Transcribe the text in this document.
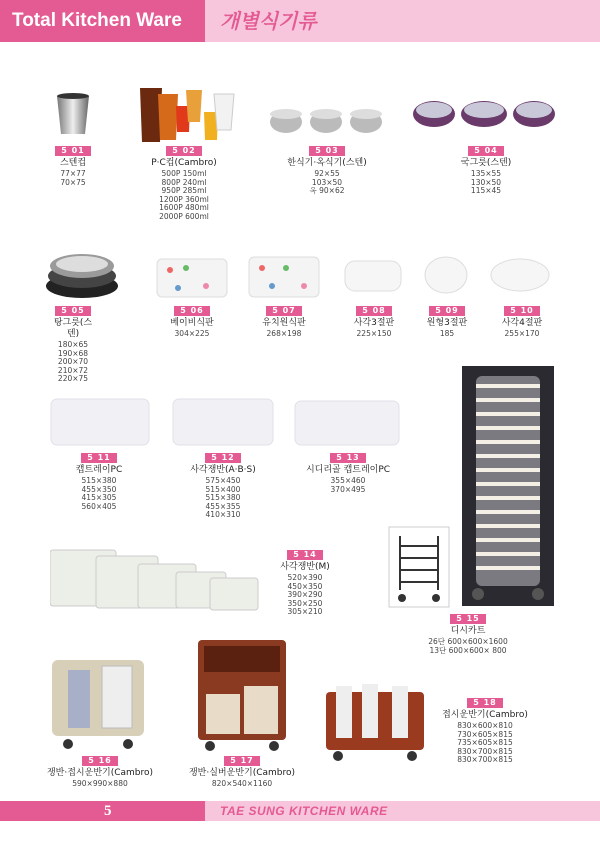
Total Kitchen Ware	개별식기류
5 01
스텐컵
77×77
70×75
5 02
P·C컵(Cambro)
500P 150ml
800P 240ml
950P 285ml
1200P 360ml
1600P 480ml
2000P 600ml
5 03
한식기·옥식기(스텐)
92×55
103×50
옥 90×62
5 04
국그릇(스텐)
135×55
130×50
115×45
5 05
탕그릇(스텐)
180×65
190×68
200×70
210×72
220×75
5 06
베이비식판
304×225
5 07
유치원식판
268×198
5 08
사각3절판
225×150
5 09
원형3절판
185
5 10
사각4절판
255×170
5 11
캡트레이PC
515×380
455×350
415×305
560×405
5 12
사각쟁반(A·B·S)
575×450
515×400
515×380
455×355
410×310
5 13
시디리골 캡트레이PC
355×460
370×495
5 14
사각쟁반(M)
520×390
450×350
390×290
350×250
305×210
5 15
디시카트
26단 600×600×1600
13단 600×600× 800
5 16
쟁반·접시운반기(Cambro)
590×990×880
5 17
쟁반·실버운반기(Cambro)
820×540×1160
5 18
접시운반기(Cambro)
830×600×810
730×605×815
735×605×815
830×700×815
830×700×815
5	TAE SUNG KITCHEN WARE
